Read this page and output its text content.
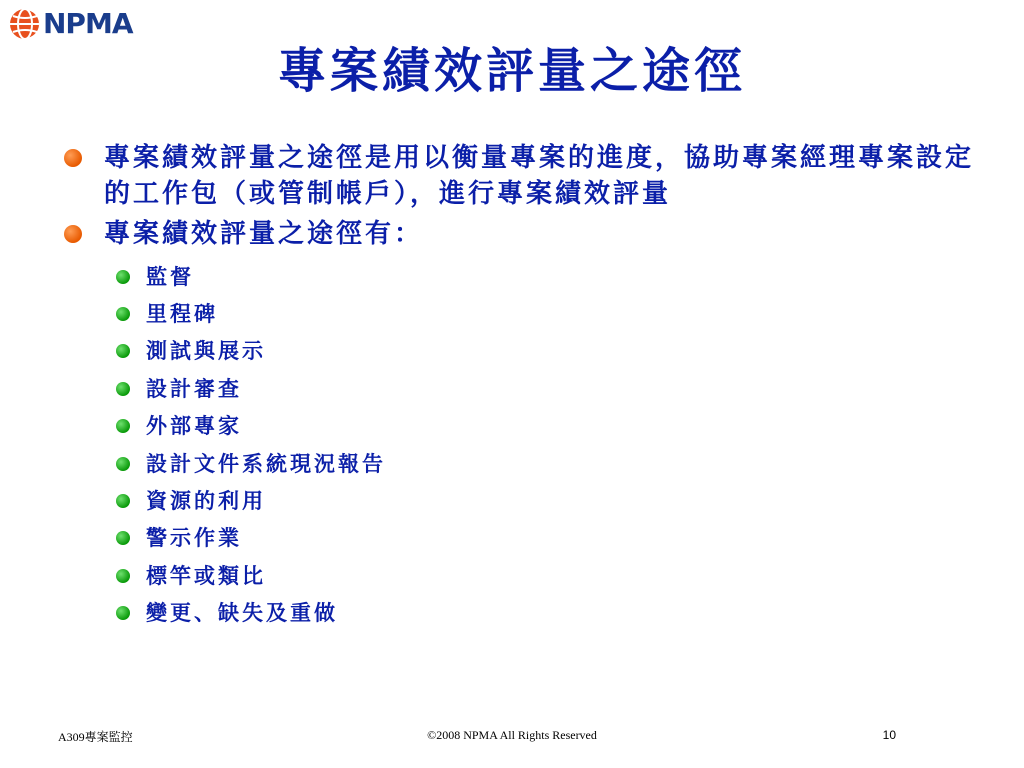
NPMA
專案績效評量之途徑
專案績效評量之途徑是用以衡量專案的進度，協助專案經理專案設定的工作包（或管制帳戶），進行專案績效評量
專案績效評量之途徑有：
監督
里程碑
測試與展示
設計審查
外部專家
設計文件系統現況報告
資源的利用
警示作業
標竿或類比
變更、缺失及重做
A309專案監控	©2008 NPMA All Rights Reserved	10
